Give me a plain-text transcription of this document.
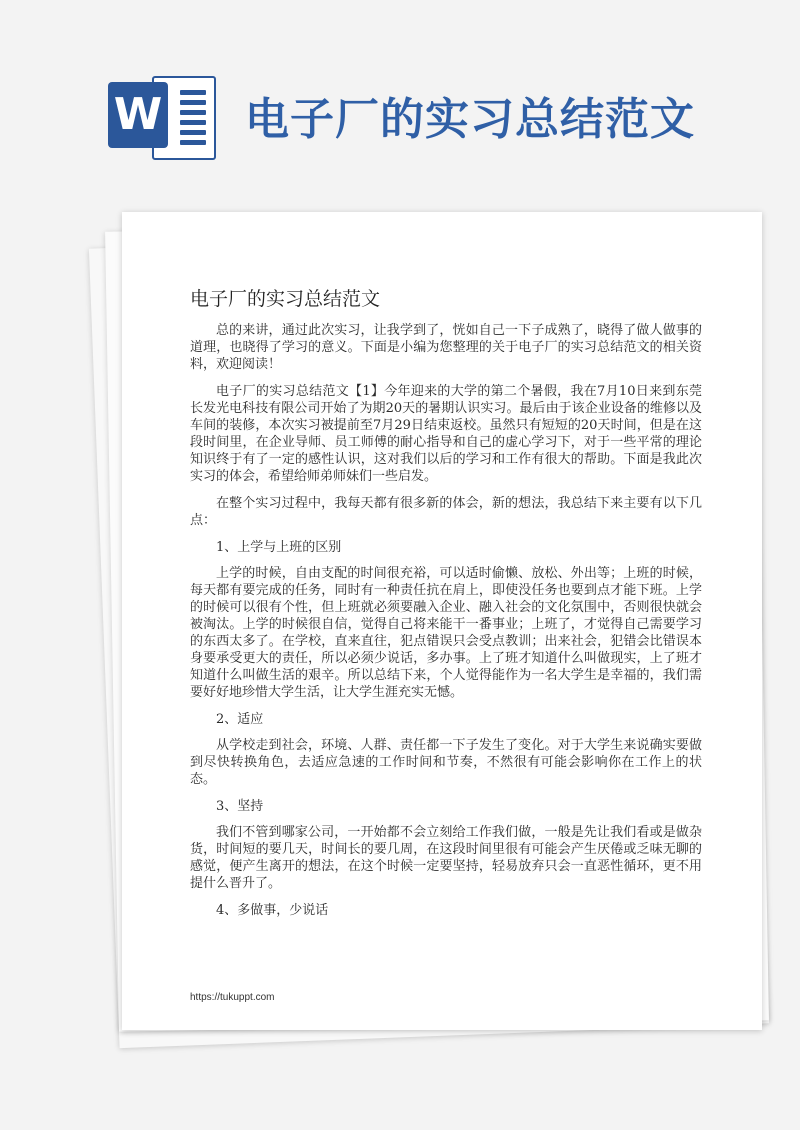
W 电子厂的实习总结范文
电子厂的实习总结范文

总的来讲，通过此次实习，让我学到了，恍如自己一下子成熟了，晓得了做人做事的道理，也晓得了学习的意义。下面是小编为您整理的关于电子厂的实习总结范文的相关资料，欢迎阅读！

电子厂的实习总结范文【1】今年迎来的大学的第二个暑假，我在7月10日来到东莞长发光电科技有限公司开始了为期20天的暑期认识实习。最后由于该企业设备的维修以及车间的装修，本次实习被提前至7月29日结束返校。虽然只有短短的20天时间，但是在这段时间里，在企业导师、员工师傅的耐心指导和自己的虚心学习下，对于一些平常的理论知识终于有了一定的感性认识，这对我们以后的学习和工作有很大的帮助。下面是我此次实习的体会，希望给师弟师妹们一些启发。

在整个实习过程中，我每天都有很多新的体会，新的想法，我总结下来主要有以下几点：

1、上学与上班的区别

上学的时候，自由支配的时间很充裕，可以适时偷懒、放松、外出等；上班的时候，每天都有要完成的任务，同时有一种责任抗在肩上，即使没任务也要到点才能下班。上学的时候可以很有个性，但上班就必须要融入企业、融入社会的文化氛围中，否则很快就会被淘汰。上学的时候很自信，觉得自己将来能干一番事业；上班了，才觉得自己需要学习的东西太多了。在学校，直来直往，犯点错误只会受点教训；出来社会，犯错会比错误本身要承受更大的责任，所以必须少说话，多办事。上了班才知道什么叫做现实，上了班才知道什么叫做生活的艰辛。所以总结下来，个人觉得能作为一名大学生是幸福的，我们需要好好地珍惜大学生活，让大学生涯充实无憾。

2、适应

从学校走到社会，环境、人群、责任都一下子发生了变化。对于大学生来说确实要做到尽快转换角色，去适应急速的工作时间和节奏，不然很有可能会影响你在工作上的状态。

3、坚持

我们不管到哪家公司，一开始都不会立刻给工作我们做，一般是先让我们看或是做杂货，时间短的要几天，时间长的要几周，在这段时间里很有可能会产生厌倦或乏味无聊的感觉，便产生离开的想法，在这个时候一定要坚持，轻易放弃只会一直恶性循环，更不用提什么晋升了。

4、多做事，少说话

https://tukuppt.com
